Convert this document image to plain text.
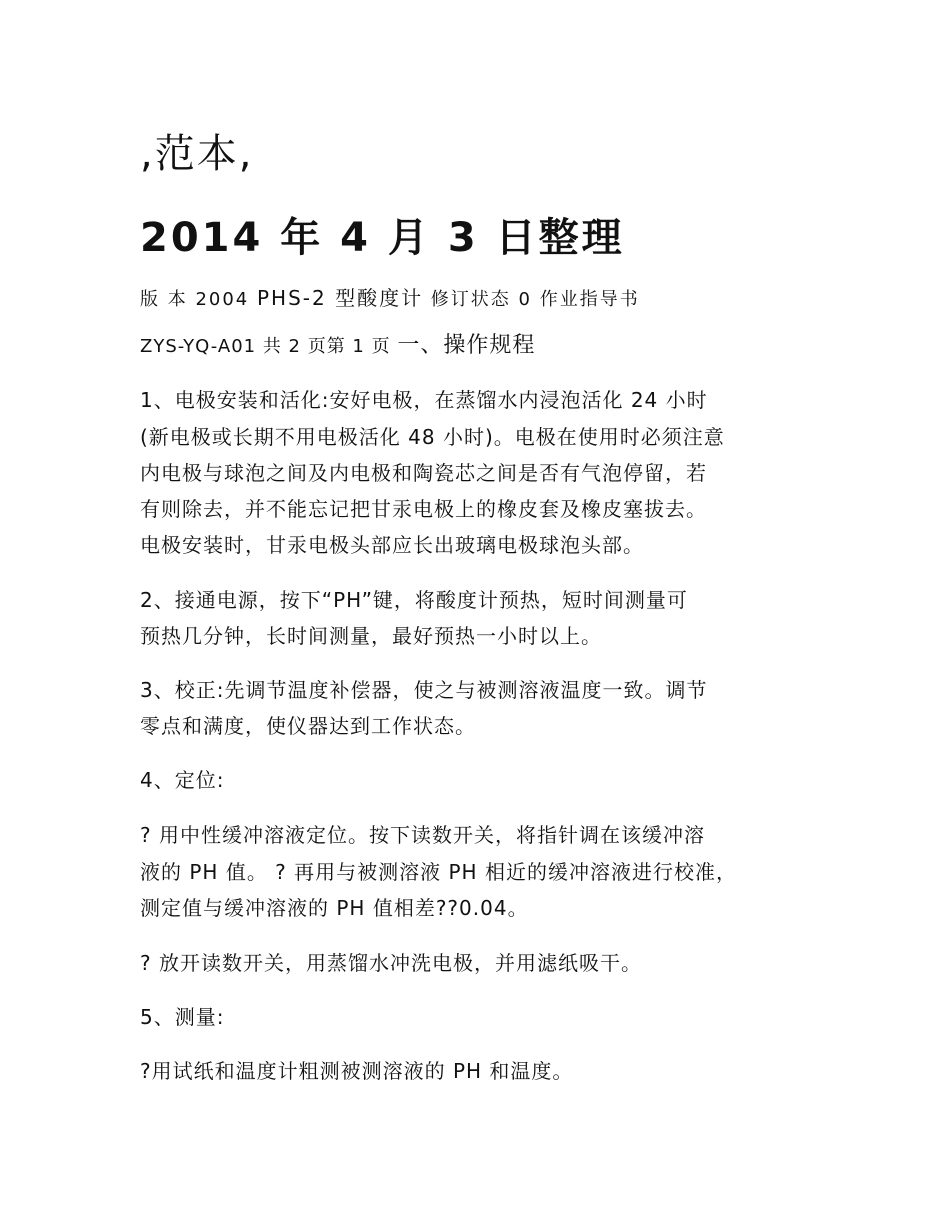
,范本,
2014 年 4 月 3 日整理
版 本 2004 PHS-2 型酸度计 修订状态 0 作业指导书
ZYS-YQ-A01 共 2 页第 1 页 一、操作规程
1、电极安装和活化:安好电极，在蒸馏水内浸泡活化 24 小时
(新电极或长期不用电极活化 48 小时)。电极在使用时必须注意
内电极与球泡之间及内电极和陶瓷芯之间是否有气泡停留，若
有则除去，并不能忘记把甘汞电极上的橡皮套及橡皮塞拔去。
电极安装时，甘汞电极头部应长出玻璃电极球泡头部。
2、接通电源，按下“PH”键，将酸度计预热，短时间测量可
预热几分钟，长时间测量，最好预热一小时以上。
3、校正:先调节温度补偿器，使之与被测溶液温度一致。调节
零点和满度，使仪器达到工作状态。
4、定位:
? 用中性缓冲溶液定位。按下读数开关，将指针调在该缓冲溶
液的 PH 值。 ? 再用与被测溶液 PH 相近的缓冲溶液进行校准，
测定值与缓冲溶液的 PH 值相差??0.04。
? 放开读数开关，用蒸馏水冲洗电极，并用滤纸吸干。
5、测量:
?用试纸和温度计粗测被测溶液的 PH 和温度。
